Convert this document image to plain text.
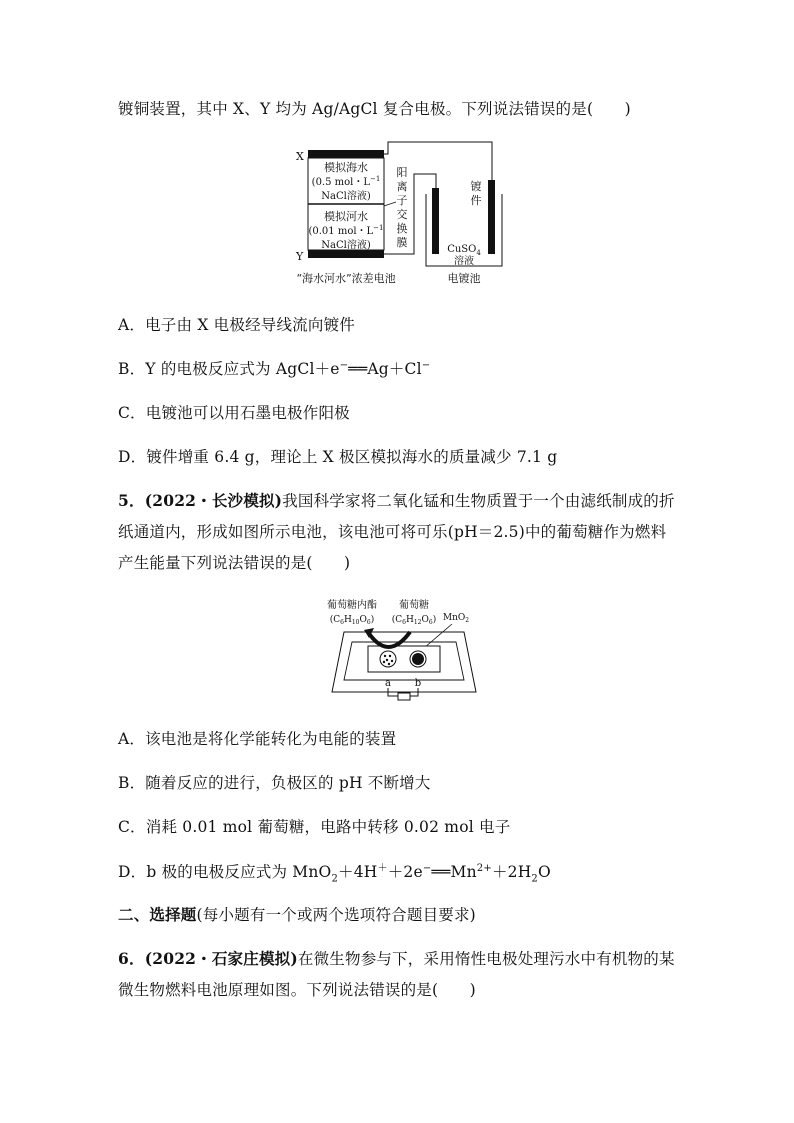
镀铜装置，其中 X、Y 均为 Ag/AgCl 复合电极。下列说法错误的是(　　)
X
Y
模拟海水
(0.5 mol・$L^{-1}$
NaCl溶液)
模拟河水
(0.01 mol・$L^{-1}$
NaCl溶液)
阳
离
子
交
换
膜
镀
件
CuSO$_4$
溶液
“海水河水”浓差电池	电镀池
A．电子由 X 电极经导线流向镀件
B．Y 的电极反应式为 AgCl＋e−══Ag＋Cl−
C．电镀池可以用石墨电极作阳极
D．镀件增重 6.4 g，理论上 X 极区模拟海水的质量减少 7.1 g
5．(2022・长沙模拟)我国科学家将二氧化锰和生物质置于一个由滤纸制成的折
纸通道内，形成如图所示电池，该电池可将可乐(pH＝2.5)中的葡萄糖作为燃料
产生能量下列说法错误的是(　　)
葡萄糖内酯
$(C_6H_{10}O_6)$
葡萄糖
$(C_6H_{12}O_6)$ MnO$_2$
a b
A．该电池是将化学能转化为电能的装置
B．随着反应的进行，负极区的 pH 不断增大
C．消耗 0.01 mol 葡萄糖，电路中转移 0.02 mol 电子
D．b 极的电极反应式为 $MnO_2+4H^++2e^-══Mn^{2+}+2H_2O$
二、选择题(每小题有一个或两个选项符合题目要求)
6．(2022・石家庄模拟)在微生物参与下，采用惰性电极处理污水中有机物的某
微生物燃料电池原理如图。下列说法错误的是(　　)
